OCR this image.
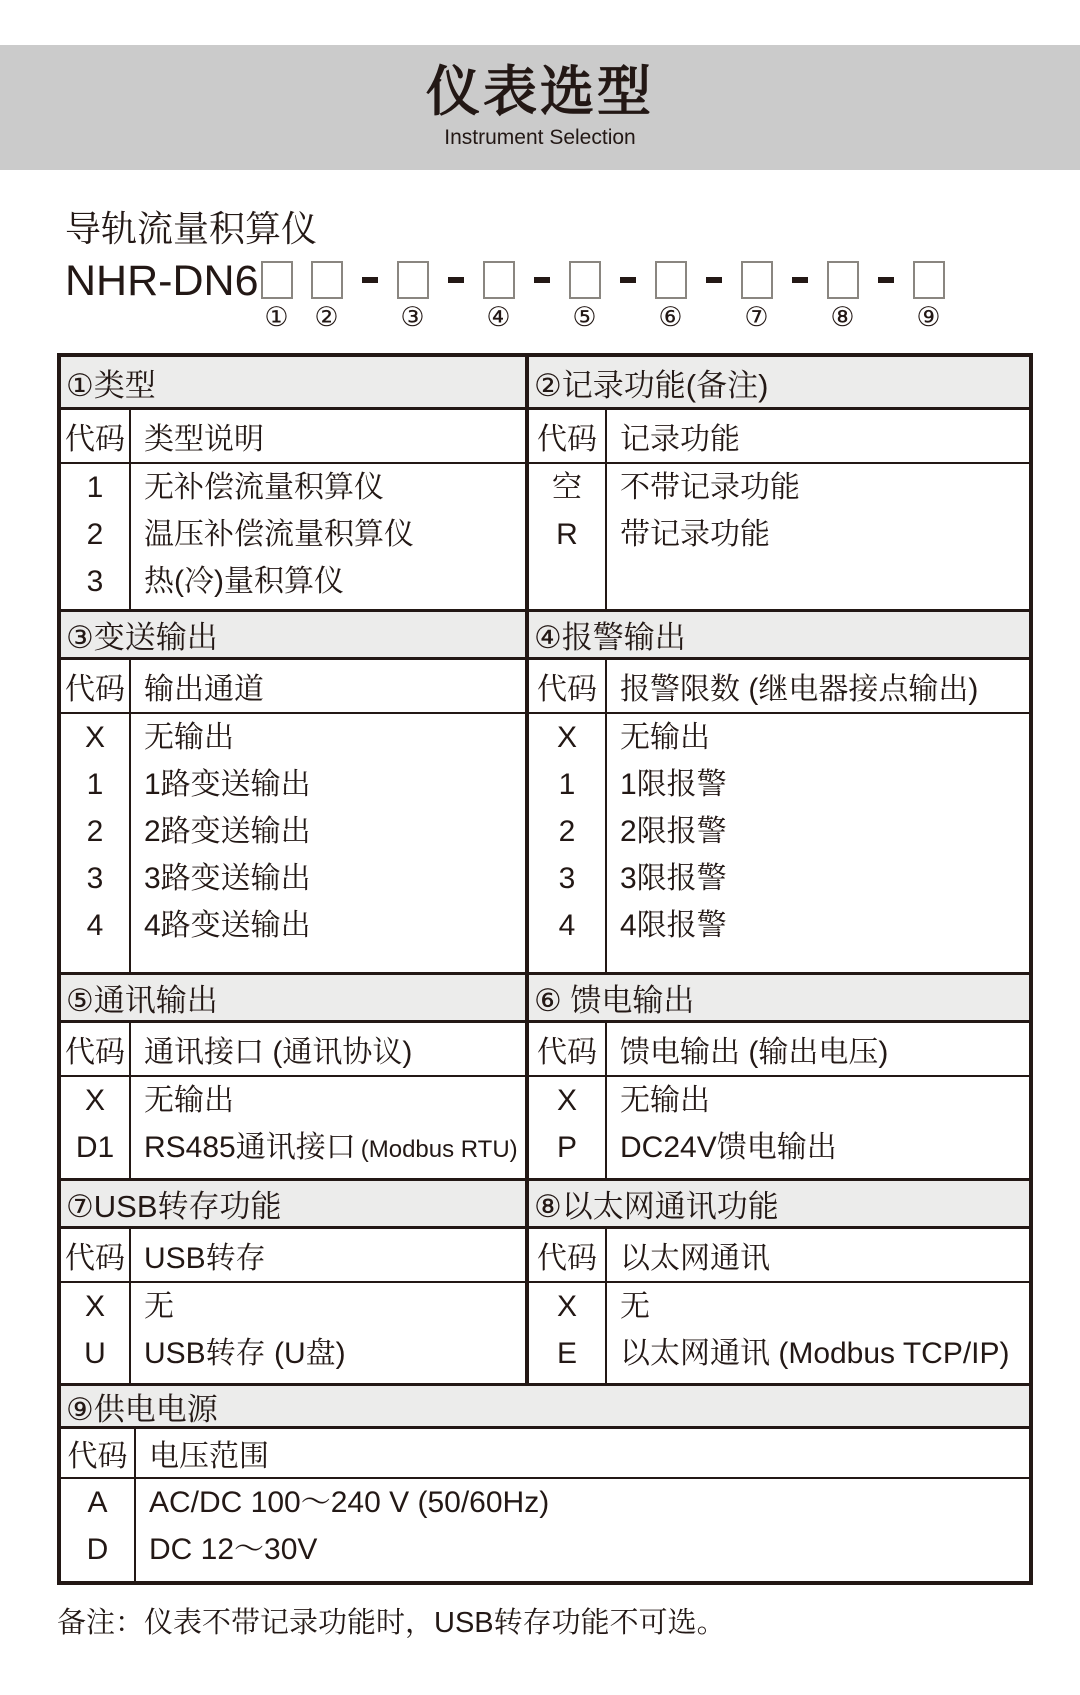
仪表选型
Instrument Selection
导轨流量积算仪
NHR-DN6
① ② ③ ④ ⑤ ⑥ ⑦ ⑧ ⑨
①类型
代码 类型说明
1
2
3
无补偿流量积算仪
温压补偿流量积算仪
热(冷)量积算仪
②记录功能(备注)
代码 记录功能
空
R
不带记录功能
带记录功能
③变送输出
代码 输出通道
X
1
2
3
4
无输出
1路变送输出
2路变送输出
3路变送输出
4路变送输出
④报警输出
代码 报警限数 (继电器接点输出)
X
1
2
3
4
无输出
1限报警
2限报警
3限报警
4限报警
⑤通讯输出
代码 通讯接口 (通讯协议)
X
D1
无输出
RS485通讯接口 (Modbus RTU)
⑥ 馈电输出
代码 馈电输出 (输出电压)
X
P
无输出
DC24V馈电输出
⑦USB转存功能
代码 USB转存
X
U
无
USB转存 (U盘)
⑧以太网通讯功能
代码 以太网通讯
X
E
无
以太网通讯 (Modbus TCP/IP)
⑨供电电源
代码 电压范围
A
D
AC/DC 100～240 V (50/60Hz)
DC 12～30V
备注：仪表不带记录功能时，USB转存功能不可选。
